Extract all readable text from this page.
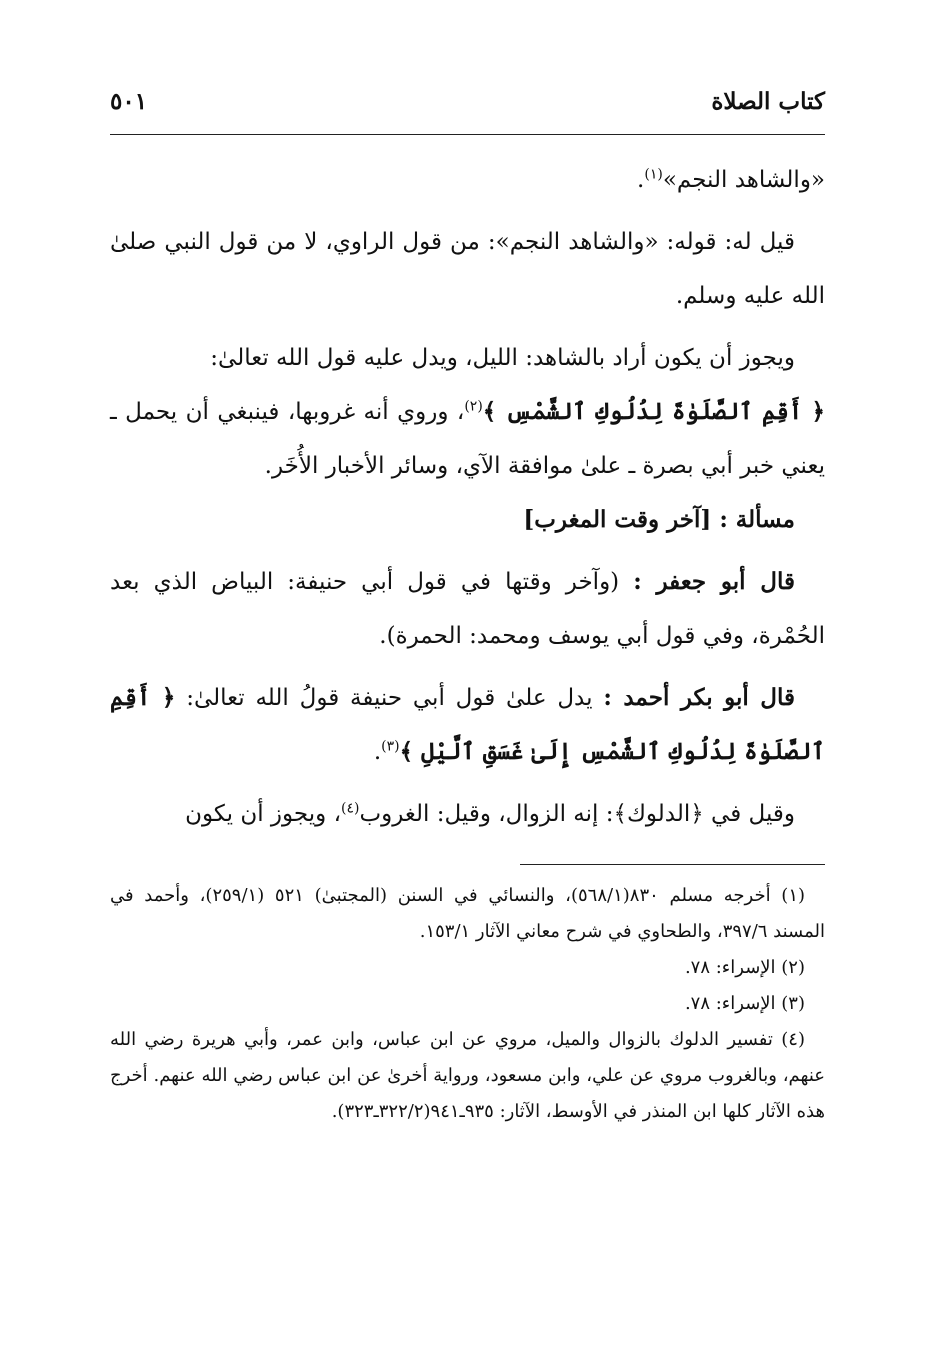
كتاب الصلاة
٥٠١

«والشاهد النجم»$^{(١)}$.

قيل له: قوله: «والشاهد النجم»: من قول الراوي، لا من قول النبي صلىٰ الله عليه وسلم.

ويجوز أن يكون أراد بالشاهد: الليل، ويدل عليه قول الله تعالىٰ:

﴿ أَقِمِ ٱلصَّلَوٰةَ لِدُلُوكِ ٱلشَّمْسِ ﴾$^{(٢)}$، وروي أنه غروبها، فينبغي أن يحمل ـ يعني خبر أبي بصرة ـ علىٰ موافقة الآي، وسائر الأخبار الأُخَر.

مسألة : [آخر وقت المغرب]

قال أبو جعفر : (وآخر وقتها في قول أبي حنيفة: البياض الذي بعد الحُمْرة، وفي قول أبي يوسف ومحمد: الحمرة).

قال أبو بكر أحمد : يدل علىٰ قول أبي حنيفة قولُ الله تعالىٰ: ﴿ أَقِمِ ٱلصَّلَوٰةَ لِدُلُوكِ ٱلشَّمْسِ إِلَىٰ غَسَقِ ٱلَّيْلِ ﴾$^{(٣)}$.

وقيل في ﴿الدلوك﴾: إنه الزوال، وقيل: الغروب$^{(٤)}$، ويجوز أن يكون

(١) أخرجه مسلم ٨٣٠(٥٦٨/١)، والنسائي في السنن (المجتبىٰ) ٥٢١ (٢٥٩/١)، وأحمد في المسند ٣٩٧/٦، والطحاوي في شرح معاني الآثار ١٥٣/١.

(٢) الإسراء: ٧٨.

(٣) الإسراء: ٧٨.

(٤) تفسير الدلوك بالزوال والميل، مروي عن ابن عباس، وابن عمر، وأبي هريرة رضي الله عنهم، وبالغروب مروي عن علي، وابن مسعود، ورواية أخرىٰ عن ابن عباس رضي الله عنهم. أخرج هذه الآثار كلها ابن المنذر في الأوسط، الآثار: ٩٣٥ـ٩٤١(٣٢٢/٢ـ٣٢٣).
